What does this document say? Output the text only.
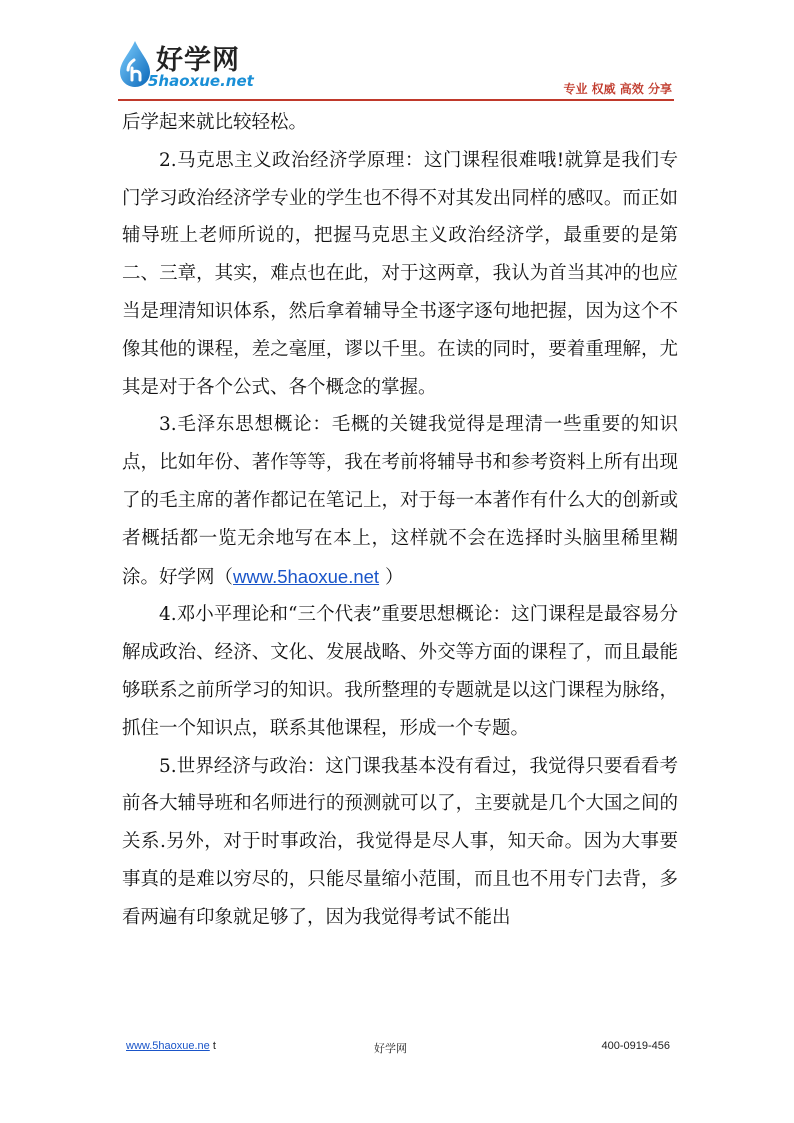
好学网
5haoxue.net	专业 权威 高效 分享

后学起来就比较轻松。

2.马克思主义政治经济学原理：这门课程很难哦!就算是我们专门学习政治经济学专业的学生也不得不对其发出同样的感叹。而正如辅导班上老师所说的，把握马克思主义政治经济学，最重要的是第二、三章，其实，难点也在此，对于这两章，我认为首当其冲的也应当是理清知识体系，然后拿着辅导全书逐字逐句地把握，因为这个不像其他的课程，差之毫厘，谬以千里。在读的同时，要着重理解，尤其是对于各个公式、各个概念的掌握。

3.毛泽东思想概论：毛概的关键我觉得是理清一些重要的知识点，比如年份、著作等等，我在考前将辅导书和参考资料上所有出现了的毛主席的著作都记在笔记上，对于每一本著作有什么大的创新或者概括都一览无余地写在本上，这样就不会在选择时头脑里稀里糊涂。好学网（www.5haoxue.net ）

4.邓小平理论和“三个代表”重要思想概论：这门课程是最容易分解成政治、经济、文化、发展战略、外交等方面的课程了，而且最能够联系之前所学习的知识。我所整理的专题就是以这门课程为脉络，抓住一个知识点，联系其他课程，形成一个专题。

5.世界经济与政治：这门课我基本没有看过，我觉得只要看看考前各大辅导班和名师进行的预测就可以了，主要就是几个大国之间的关系.另外，对于时事政治，我觉得是尽人事，知天命。因为大事要事真的是难以穷尽的，只能尽量缩小范围，而且也不用专门去背，多看两遍有印象就足够了，因为我觉得考试不能出

www.5haoxue.ne t	好学网	400-0919-456
